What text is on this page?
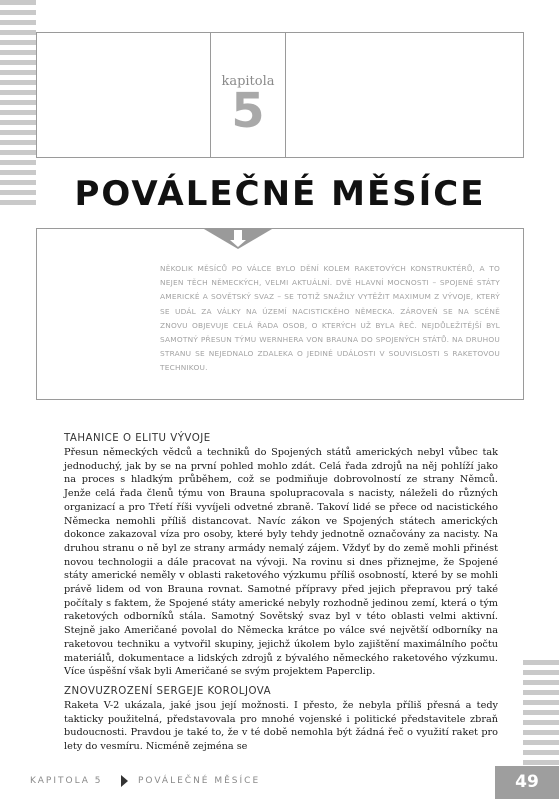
kapitola
5
POVÁLEČNÉ MĚSÍCE
NĚKOLIK MĚSÍCŮ PO VÁLCE BYLO DĚNÍ KOLEM RAKETOVÝCH KONSTRUKTÉRŮ, A TO NEJEN TĚCH NĚMECKÝCH, VELMI AKTUÁLNÍ. DVĚ HLAVNÍ MOCNOSTI – SPOJENÉ STÁTY AMERICKÉ A SOVĚTSKÝ SVAZ – SE TOTIŽ SNAŽILY VYTĚŽIT MAXIMUM Z VÝVOJE, KTERÝ SE UDÁL ZA VÁLKY NA ÚZEMÍ NACISTICKÉHO NĚMECKA. ZÁROVEŇ SE NA SCÉNĚ ZNOVU OBJEVUJE CELÁ ŘADA OSOB, O KTERÝCH UŽ BYLA ŘEČ. NEJDŮLEŽITĚJŠÍ BYL SAMOTNÝ PŘESUN TÝMU WERNHERA VON BRAUNA DO SPOJENÝCH STÁTŮ. NA DRUHOU STRANU SE NEJEDNALO ZDALEKA O JEDINÉ UDÁLOSTI V SOUVISLOSTI S RAKETOVOU TECHNIKOU.
TAHANICE O ELITU VÝVOJE
Přesun německých vědců a techniků do Spojených států amerických nebyl vůbec tak jednoduchý, jak by se na první pohled mohlo zdát. Celá řada zdrojů na něj pohlíží jako na proces s hladkým průběhem, což se podmiňuje dobrovolností ze strany Němců. Jenže celá řada členů týmu von Brauna spolupracovala s nacisty, náleželi do různých organizací a pro Třetí říši vyvíjeli odvetné zbraně. Takoví lidé se přece od nacistického Německa nemohli příliš distancovat. Navíc zákon ve Spojených státech amerických dokonce zakazoval víza pro osoby, které byly tehdy jednotně označovány za nacisty. Na druhou stranu o ně byl ze strany armády nemalý zájem. Vždyť by do země mohli přinést novou technologii a dále pracovat na vývoji. Na rovinu si dnes přiznejme, že Spojené státy americké neměly v oblasti raketového výzkumu příliš osobností, které by se mohli právě lidem od von Brauna rovnat. Samotné přípravy před jejich přepravou prý také počítaly s faktem, že Spojené státy americké nebyly rozhodně jedinou zemí, která o tým raketových odborníků stála. Samotný Sovětský svaz byl v této oblasti velmi aktivní. Stejně jako Američané povolal do Německa krátce po válce své největší odborníky na raketovou techniku a vytvořil skupiny, jejichž úkolem bylo zajištění maximálního počtu materiálů, dokumentace a lidských zdrojů z bývalého německého raketového výzkumu. Více úspěšní však byli Američané se svým projektem Paperclip.
ZNOVUZROZENÍ SERGEJE KOROLJOVA
Raketa V-2 ukázala, jaké jsou její možnosti. I přesto, že nebyla příliš přesná a tedy takticky použitelná, představovala pro mnohé vojenské i politické představitele zbraň budoucnosti. Pravdou je také to, že v té době nemohla být žádná řeč o využití raket pro lety do vesmíru. Nicméně zejména se
KAPITOLA 5	POVÁLEČNÉ MĚSÍCE	49
